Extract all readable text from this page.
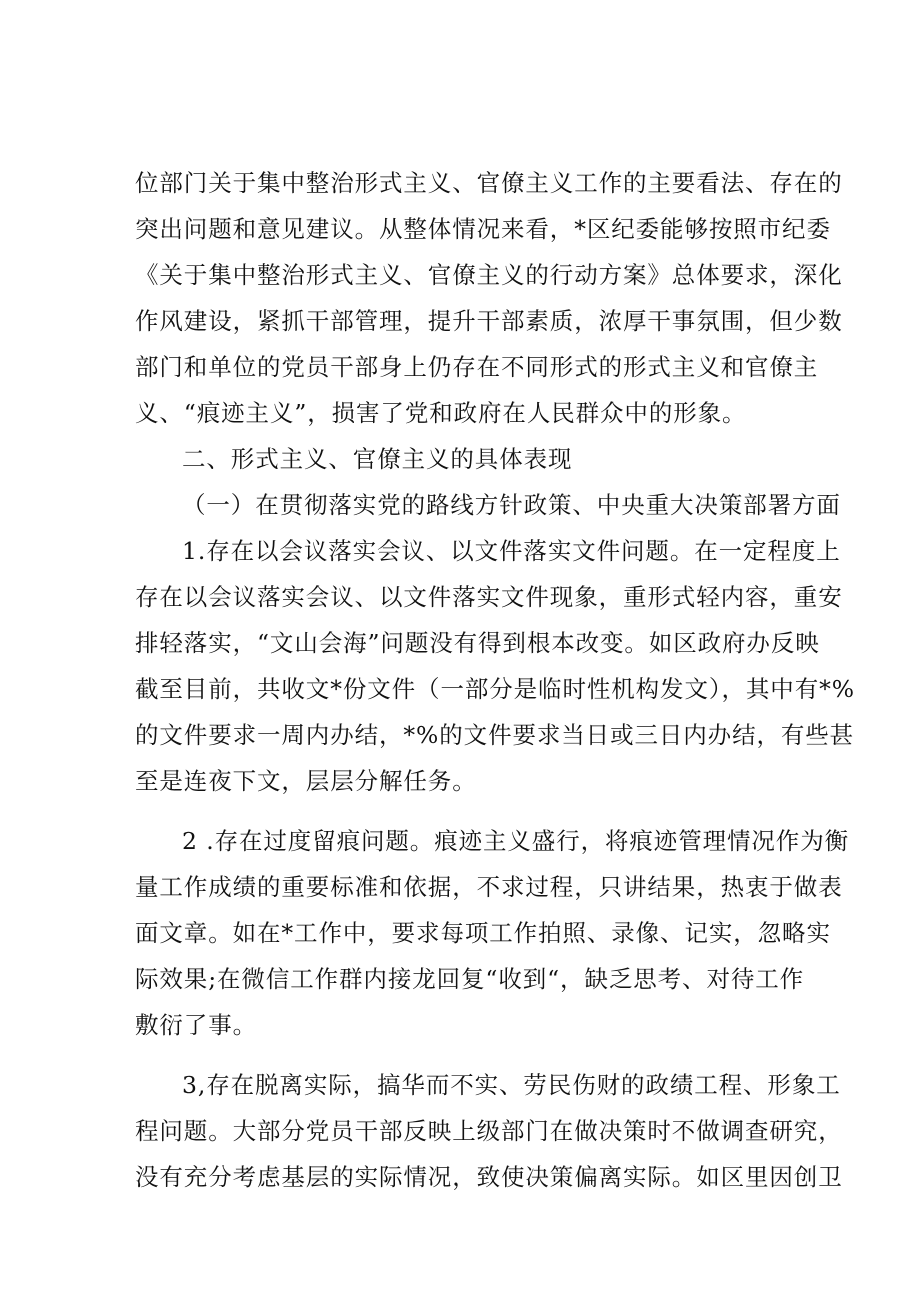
位部门关于集中整治形式主义、官僚主义工作的主要看法、存在的
突出问题和意见建议。从整体情况来看，*区纪委能够按照市纪委
《关于集中整治形式主义、官僚主义的行动方案》总体要求，深化
作风建设，紧抓干部管理，提升干部素质，浓厚干事氛围，但少数
部门和单位的党员干部身上仍存在不同形式的形式主义和官僚主
义、“痕迹主义”，损害了党和政府在人民群众中的形象。
二、形式主义、官僚主义的具体表现
（一）在贯彻落实党的路线方针政策、中央重大决策部署方面
1.存在以会议落实会议、以文件落实文件问题。在一定程度上
存在以会议落实会议、以文件落实文件现象，重形式轻内容，重安
排轻落实，“文山会海”问题没有得到根本改变。如区政府办反映
截至目前，共收文*份文件（一部分是临时性机构发文），其中有*%
的文件要求一周内办结，*%的文件要求当日或三日内办结，有些甚
至是连夜下文，层层分解任务。
2 .存在过度留痕问题。痕迹主义盛行，将痕迹管理情况作为衡
量工作成绩的重要标准和依据，不求过程，只讲结果，热衷于做表
面文章。如在*工作中，要求每项工作拍照、录像、记实，忽略实
际效果;在微信工作群内接龙回复“收到“，缺乏思考、对待工作
敷衍了事。
3,存在脱离实际，搞华而不实、劳民伤财的政绩工程、形象工
程问题。大部分党员干部反映上级部门在做决策时不做调查研究，
没有充分考虑基层的实际情况，致使决策偏离实际。如区里因创卫
